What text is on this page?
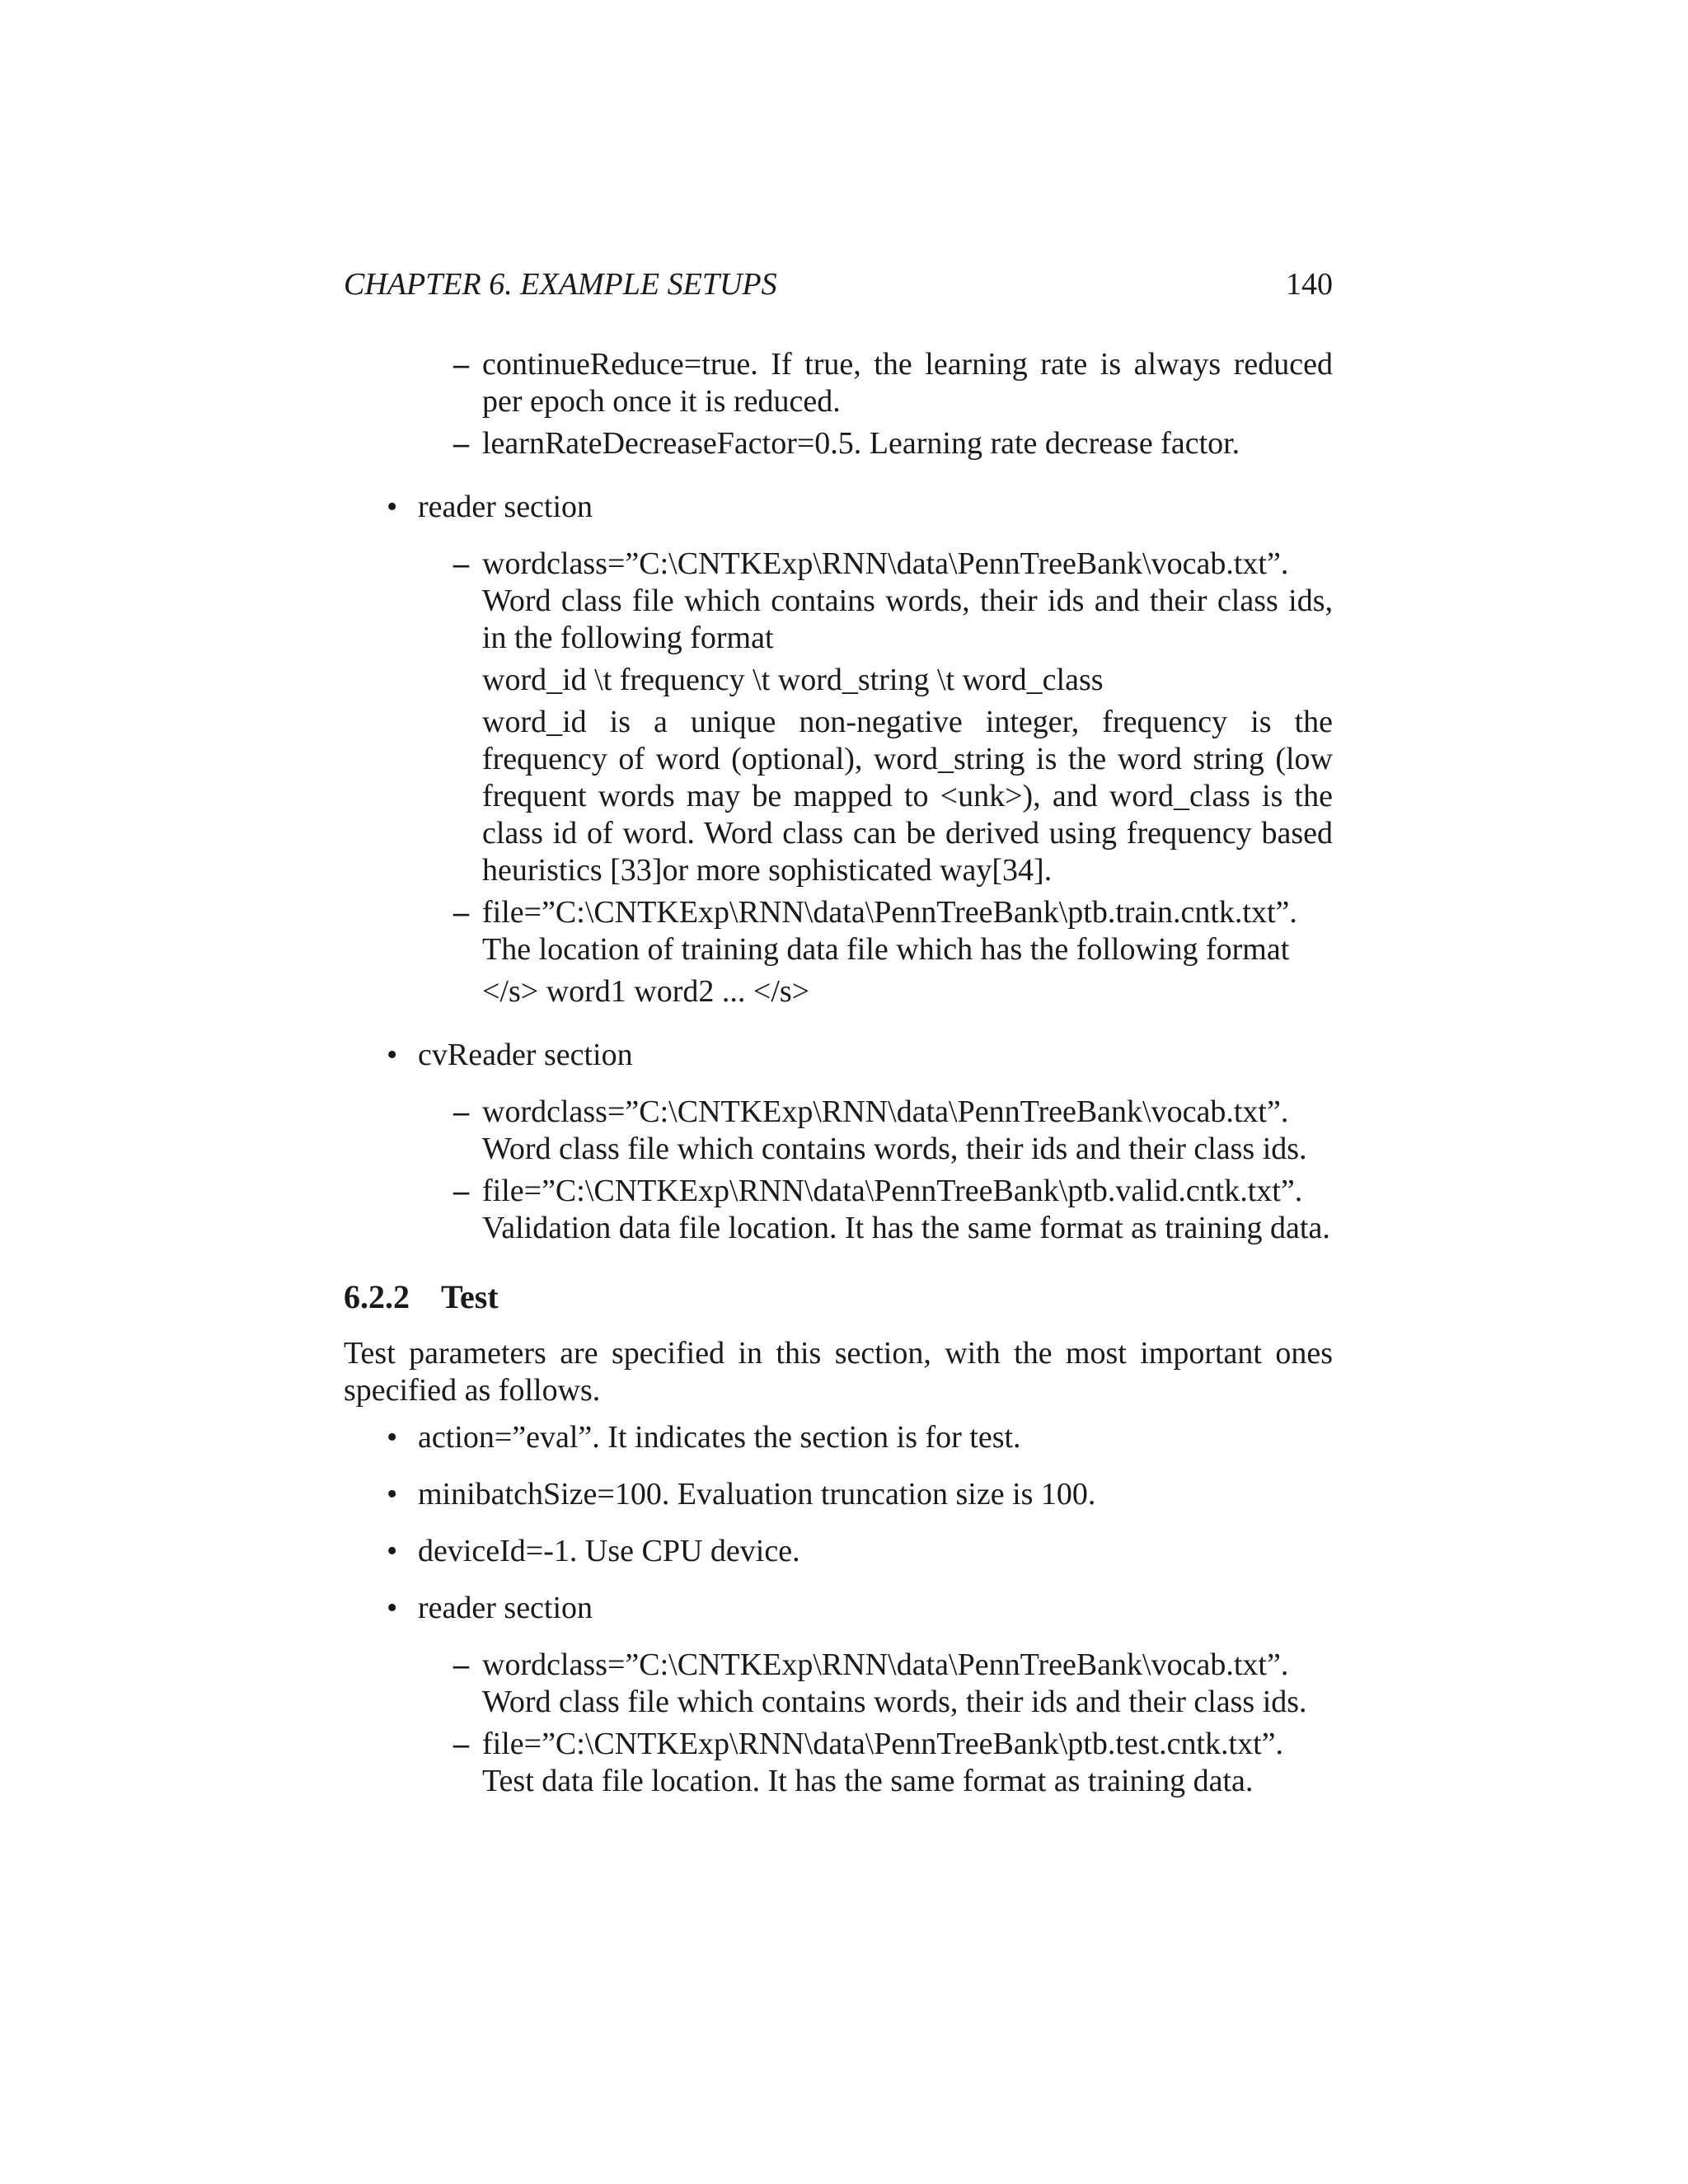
CHAPTER 6. EXAMPLE SETUPS	140
– continueReduce=true. If true, the learning rate is always reduced per epoch once it is reduced.
– learnRateDecreaseFactor=0.5. Learning rate decrease factor.
• reader section
– wordclass=”C:\CNTKExp\RNN\data\PennTreeBank\vocab.txt”. Word class file which contains words, their ids and their class ids, in the following format
word_id \t frequency \t word_string \t word_class
word_id is a unique non-negative integer, frequency is the frequency of word (optional), word_string is the word string (low frequent words may be mapped to <unk>), and word_class is the class id of word. Word class can be derived using frequency based heuristics [33]or more sophisticated way[34].
– file=”C:\CNTKExp\RNN\data\PennTreeBank\ptb.train.cntk.txt”. The location of training data file which has the following format
</s> word1 word2 ... </s>
• cvReader section
– wordclass=”C:\CNTKExp\RNN\data\PennTreeBank\vocab.txt”. Word class file which contains words, their ids and their class ids.
– file=”C:\CNTKExp\RNN\data\PennTreeBank\ptb.valid.cntk.txt”. Validation data file location. It has the same format as training data.
6.2.2 Test
Test parameters are specified in this section, with the most important ones specified as follows.
• action=”eval”. It indicates the section is for test.
• minibatchSize=100. Evaluation truncation size is 100.
• deviceId=-1. Use CPU device.
• reader section
– wordclass=”C:\CNTKExp\RNN\data\PennTreeBank\vocab.txt”. Word class file which contains words, their ids and their class ids.
– file=”C:\CNTKExp\RNN\data\PennTreeBank\ptb.test.cntk.txt”. Test data file location. It has the same format as training data.
